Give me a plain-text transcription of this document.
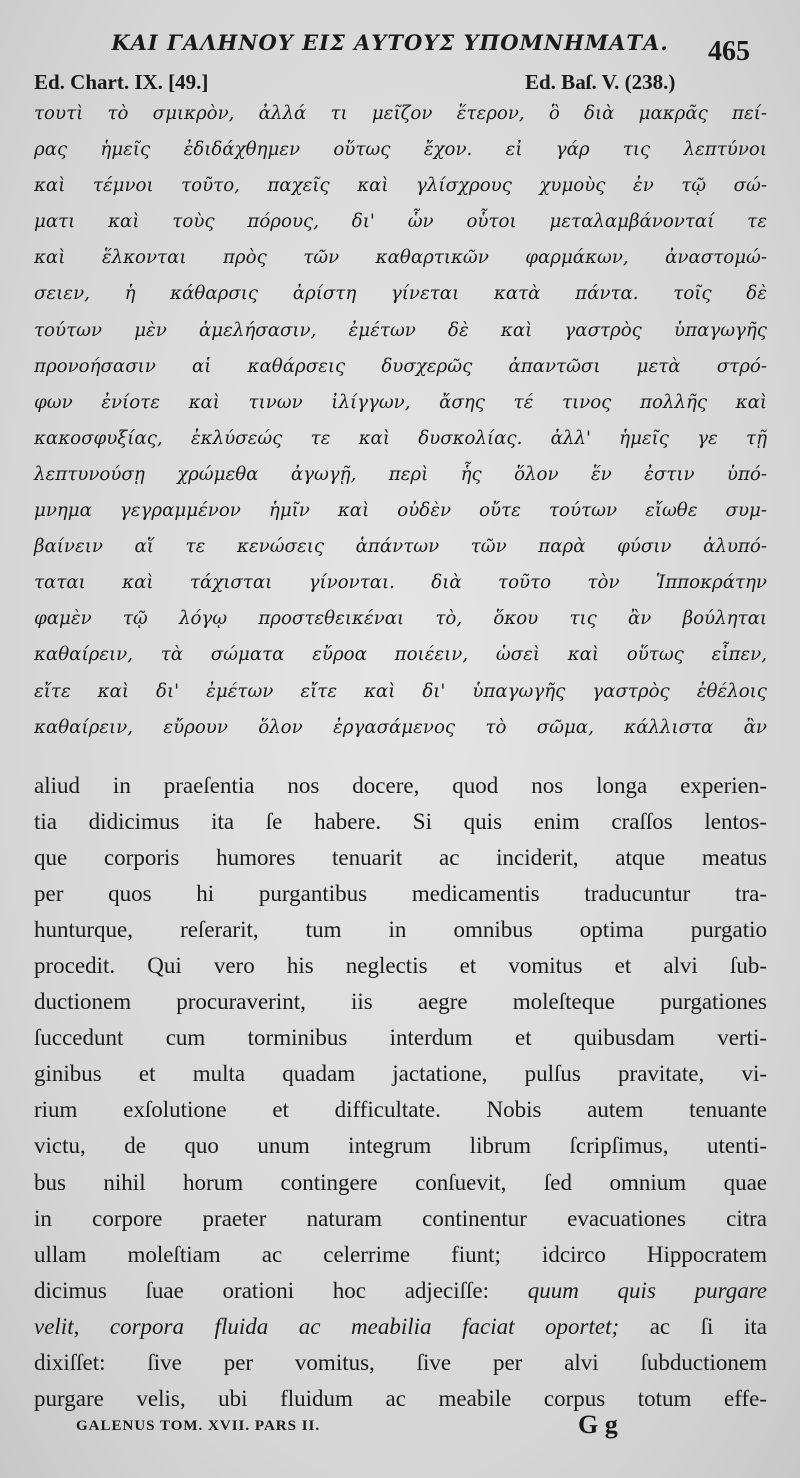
ΚΑΙ ΓΑΛΗΝΟΥ ΕΙΣ ΑΥΤΟΥΣ ΥΠΟΜΝΗΜΑΤΑ.	465
Ed. Chart. IX. [49.]	Ed. Baſ. V. (238.)
τουτὶ τὸ σμικρὸν, ἀλλά τι μεῖζον ἕτερον, ὃ διὰ μακρᾶς πεί-
ρας ἡμεῖς ἐδιδάχθημεν οὕτως ἔχον. εἰ γάρ τις λεπτύνοι
καὶ τέμνοι τοῦτο, παχεῖς καὶ γλίσχρους χυμοὺς ἐν τῷ σώ-
ματι καὶ τοὺς πόρους, δι' ὧν οὗτοι μεταλαμβάνονταί τε
καὶ ἕλκονται πρὸς τῶν καθαρτικῶν φαρμάκων, ἀναστομώ-
σειεν, ἡ κάθαρσις ἀρίστη γίνεται κατὰ πάντα. τοῖς δὲ
τούτων μὲν ἀμελήσασιν, ἐμέτων δὲ καὶ γαστρὸς ὑπαγωγῆς
προνοήσασιν αἱ καθάρσεις δυσχερῶς ἀπαντῶσι μετὰ στρό-
φων ἐνίοτε καὶ τινων ἰλίγγων, ἄσης τέ τινος πολλῆς καὶ
κακοσφυξίας, ἐκλύσεώς τε καὶ δυσκολίας. ἀλλ' ἡμεῖς γε τῇ
λεπτυνούσῃ χρώμεθα ἀγωγῇ, περὶ ἧς ὅλον ἕν ἐστιν ὑπό-
μνημα γεγραμμένον ἡμῖν καὶ οὐδὲν οὔτε τούτων εἴωθε συμ-
βαίνειν αἵ τε κενώσεις ἁπάντων τῶν παρὰ φύσιν ἀλυπό-
ταται καὶ τάχισται γίνονται. διὰ τοῦτο τὸν Ἱπποκράτην
φαμὲν τῷ λόγῳ προστεθεικέναι τὸ, ὅκου τις ἂν βούληται
καθαίρειν, τὰ σώματα εὔροα ποιέειν, ὡσεὶ καὶ οὕτως εἶπεν,
εἴτε καὶ δι' ἐμέτων εἴτε καὶ δι' ὑπαγωγῆς γαστρὸς ἐθέλοις
καθαίρειν, εὔρουν ὅλον ἐργασάμενος τὸ σῶμα, κάλλιστα ἂν
aliud in praeſentia nos docere, quod nos longa experien-
tia didicimus ita ſe habere. Si quis enim craſſos lentos-
que corporis humores tenuarit ac inciderit, atque meatus
per quos hi purgantibus medicamentis traducuntur tra-
hunturque, reſerarit, tum in omnibus optima purgatio
procedit. Qui vero his neglectis et vomitus et alvi ſub-
ductionem procuraverint, iis aegre moleſteque purgationes
ſuccedunt cum torminibus interdum et quibusdam verti-
ginibus et multa quadam jactatione, pulſus pravitate, vi-
rium exſolutione et difficultate. Nobis autem tenuante
victu, de quo unum integrum librum ſcripſimus, utenti-
bus nihil horum contingere conſuevit, ſed omnium quae
in corpore praeter naturam continentur evacuationes citra
ullam moleſtiam ac celerrime fiunt; idcirco Hippocratem
dicimus ſuae orationi hoc adjeciſſe: quum quis purgare
velit, corpora fluida ac meabilia faciat oportet; ac ſi ita
dixiſſet: ſive per vomitus, ſive per alvi ſubductionem
purgare velis, ubi fluidum ac meabile corpus totum effe-
GALENUS TOM. XVII. PARS II.	G g
